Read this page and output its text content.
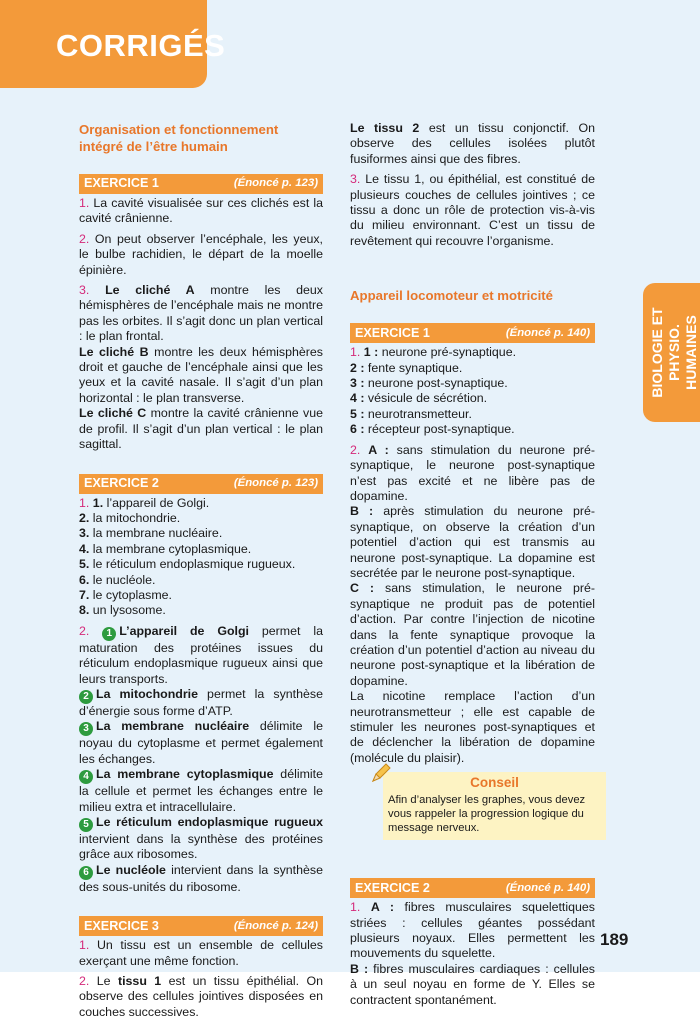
CORRIGÉS
BIOLOGIE ET PHYSIO. HUMAINES
Organisation et fonctionnement intégré de l’être humain
EXERCICE 1	(Énoncé p. 123)

1. La cavité visualisée sur ces clichés est la cavité crânienne.

2. On peut observer l’encéphale, les yeux, le bulbe rachidien, le départ de la moelle épinière.

3. Le cliché A montre les deux hémisphères de l’encéphale mais ne montre pas les orbites. Il s’agit donc un plan vertical : le plan frontal.

Le cliché B montre les deux hémisphères droit et gauche de l’encéphale ainsi que les yeux et la cavité nasale. Il s’agit d’un plan horizontal : le plan transverse.

Le cliché C montre la cavité crânienne vue de profil. Il s’agit d’un plan vertical : le plan sagittal.

EXERCICE 2	(Énoncé p. 123)

1. 1. l’appareil de Golgi.

2. la mitochondrie.

3. la membrane nucléaire.

4. la membrane cytoplasmique.

5. le réticulum endoplasmique rugueux.

6. le nucléole.

7. le cytoplasme.

8. un lysosome.

2. 1 L’appareil de Golgi permet la maturation des protéines issues du réticulum endoplasmique rugueux ainsi que leurs transports.

2 La mitochondrie permet la synthèse d’énergie sous forme d’ATP.

3 La membrane nucléaire délimite le noyau du cytoplasme et permet également les échanges.

4 La membrane cytoplasmique délimite la cellule et permet les échanges entre le milieu extra et intracellulaire.

5 Le réticulum endoplasmique rugueux intervient dans la synthèse des protéines grâce aux ribosomes.

6 Le nucléole intervient dans la synthèse des sous-unités du ribosome.

EXERCICE 3	(Énoncé p. 124)

1. Un tissu est un ensemble de cellules exerçant une même fonction.

2. Le tissu 1 est un tissu épithélial. On observe des cellules jointives disposées en couches successives.

Le tissu 2 est un tissu conjonctif. On observe des cellules isolées plutôt fusiformes ainsi que des fibres.

3. Le tissu 1, ou épithélial, est constitué de plusieurs couches de cellules jointives ; ce tissu a donc un rôle de protection vis-à-vis du milieu environnant. C’est un tissu de revêtement qui recouvre l’organisme.

Appareil locomoteur et motricité
EXERCICE 1	(Énoncé p. 140)

1. 1 : neurone pré-synaptique.

2 : fente synaptique.

3 : neurone post-synaptique.

4 : vésicule de sécrétion.

5 : neurotransmetteur.

6 : récepteur post-synaptique.

2. A : sans stimulation du neurone pré-synaptique, le neurone post-synaptique n’est pas excité et ne libère pas de dopamine.

B : après stimulation du neurone pré-synaptique, on observe la création d’un potentiel d’action qui est transmis au neurone post-synaptique. La dopamine est secrétée par le neurone post-synaptique.

C : sans stimulation, le neurone pré-synaptique ne produit pas de potentiel d’action. Par contre l’injection de nicotine dans la fente synaptique provoque la création d’un potentiel d’action au niveau du neurone post-synaptique et la libération de dopamine.

La nicotine remplace l’action d’un neurotransmetteur ; elle est capable de stimuler les neurones post-synaptiques et de déclencher la libération de dopamine (molécule du plaisir).

Conseil
Afin d’analyser les graphes, vous devez vous rappeler la progression logique du message nerveux.
EXERCICE 2	(Énoncé p. 140)

1. A : fibres musculaires squelettiques striées : cellules géantes possédant plusieurs noyaux. Elles permettent les mouvements du squelette.

B : fibres musculaires cardiaques : cellules à un seul noyau en forme de Y. Elles se contractent spontanément.

189
